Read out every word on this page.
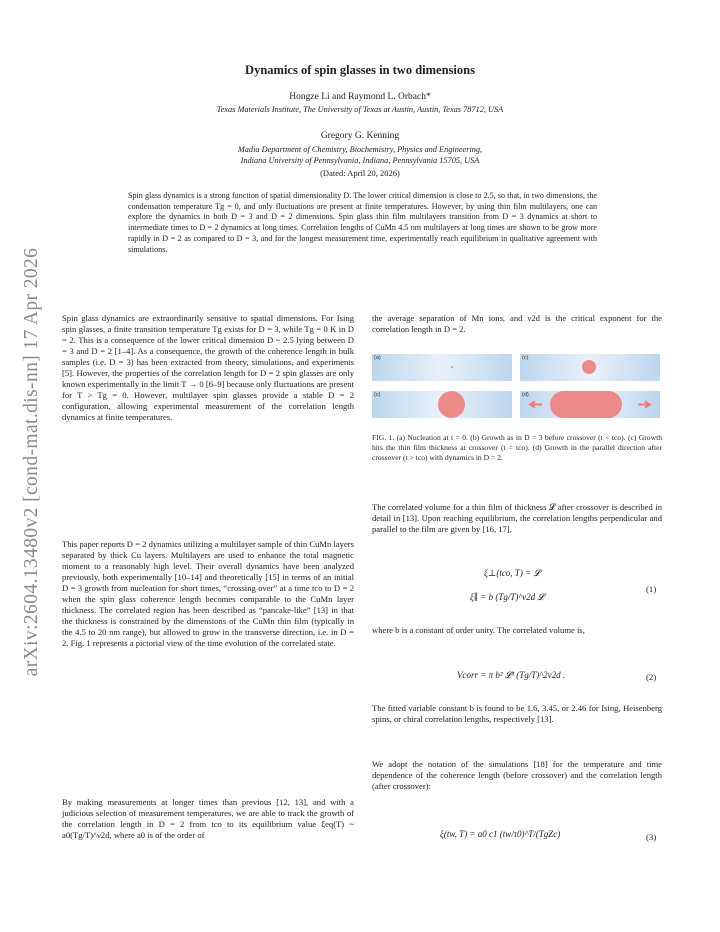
arXiv:2604.13480v2 [cond-mat.dis-nn] 17 Apr 2026
Dynamics of spin glasses in two dimensions
Hongze Li and Raymond L. Orbach*
Texas Materials Institute, The University of Texas at Austin, Austin, Texas 78712, USA
Gregory G. Kenning
Madia Department of Chemistry, Biochemistry, Physics and Engineering,
Indiana University of Pennsylvania, Indiana, Pennsylvania 15705, USA
(Dated: April 20, 2026)
Spin glass dynamics is a strong function of spatial dimensionality D. The lower critical dimension is close to 2.5, so that, in two dimensions, the condensation temperature Tg = 0, and only fluctuations are present at finite temperatures. However, by using thin film multilayers, one can explore the dynamics in both D = 3 and D = 2 dimensions. Spin glass thin film multilayers transition from D = 3 dynamics at short to intermediate times to D = 2 dynamics at long times. Correlation lengths of CuMn 4.5 nm multilayers at long times are shown to be grow more rapidly in D = 2 as compared to D = 3, and for the longest measurement time, experimentally reach equilibrium in qualitative agreement with simulations.

Spin glass dynamics are extraordinarily sensitive to spatial dimensions. For Ising spin glasses, a finite transition temperature Tg exists for D = 3, while Tg = 0 K in D = 2. This is a consequence of the lower critical dimension D ~ 2.5 lying between D = 3 and D = 2 [1–4]. As a consequence, the growth of the coherence length in bulk samples (i.e. D = 3) has been extracted from theory, simulations, and experiments [5]. However, the properties of the correlation length for D = 2 spin glasses are only known experimentally in the limit T → 0 [6–9] because only fluctuations are present for T > Tg = 0. However, multilayer spin glasses provide a stable D = 2 configuration, allowing experimental measurement of the correlation length dynamics at finite temperatures.

This paper reports D = 2 dynamics utilizing a multilayer sample of thin CuMn layers separated by thick Cu layers. Multilayers are used to enhance the total magnetic moment to a reasonably high level. Their overall dynamics have been analyzed previously, both experimentally [10–14] and theoretically [15] in terms of an initial D = 3 growth from nucleation for short times, “crossing over” at a time tco to D = 2 when the spin glass coherence length becomes comparable to the CuMn layer thickness. The correlated region has been described as “pancake-like” [13] in that the thickness is constrained by the dimensions of the CuMn thin film (typically in the 4.5 to 20 nm range), but allowed to grow in the transverse direction, i.e. in D = 2. Fig. 1 represents a pictorial view of the time evolution of the correlated state.

By making measurements at longer times than previous [12, 13], and with a judicious selection of measurement temperatures, we are able to track the growth of the correlation length in D = 2 from tco to its equilibrium value ξeq(T) ~ a0(Tg/T)^ν2d, where a0 is of the order of

the average separation of Mn ions, and ν2d is the critical exponent for the correlation length in D = 2.

(a)	(c)
(c)	(d)
FIG. 1. (a) Nucleation at t = 0. (b) Growth as in D = 3 before crossover (t < tco). (c) Growth hits the thin film thickness at crossover (t = tco). (d) Growth in the parallel direction after crossover (t > tco) with dynamics in D = 2.

The correlated volume for a thin film of thickness 𝓛 after crossover is described in detail in [13]. Upon reaching equilibrium, the correlation lengths perpendicular and parallel to the film are given by [16, 17],

ξ⊥(tco, T) = 𝓛
ξ∥ = b (Tg/T)^ν2d 𝓛
(1)

where b is a constant of order unity. The correlated volume is,

Vcorr = π b² 𝓛³ (Tg/T)^2ν2d .	(2)

The fitted variable constant b is found to be 1.6, 3.45, or 2.46 for Ising, Heisenberg spins, or chiral correlation lengths, respectively [13].

We adopt the notation of the simulations [18] for the temperature and time dependence of the coherence length (before crossover) and the correlation length (after crossover):

ξ(tw, T) = a0 c1 (tw/τ0)^T/(TgZc)	(3)
